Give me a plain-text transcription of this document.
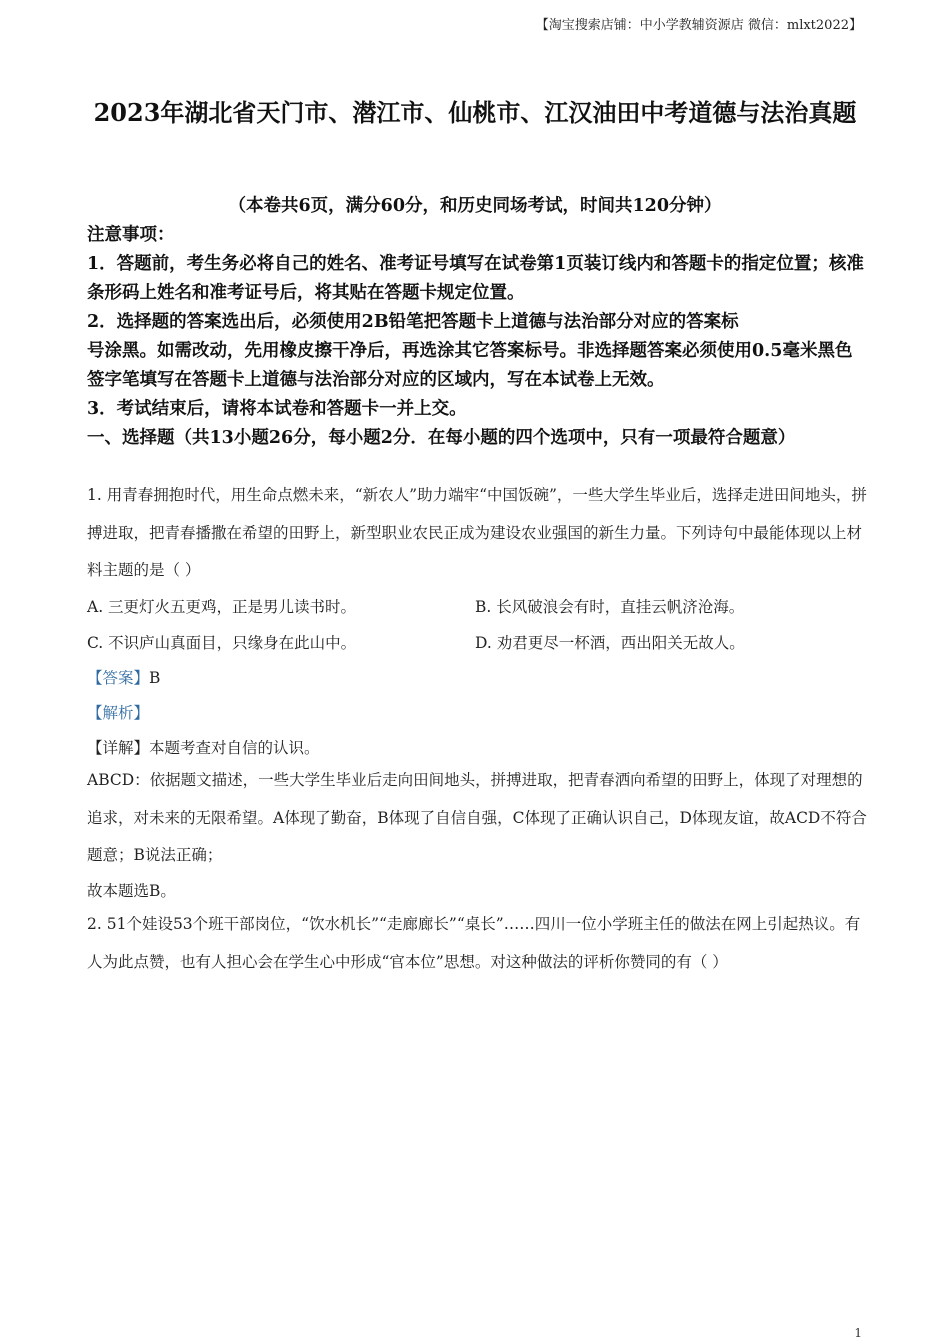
【淘宝搜索店铺：中小学教辅资源店 微信：mlxt2022】
2023年湖北省天门市、潜江市、仙桃市、江汉油田中考道德与法治真题
（本卷共6页，满分60分，和历史同场考试，时间共120分钟）
注意事项：
1．答题前，考生务必将自己的姓名、准考证号填写在试卷第1页装订线内和答题卡的指定位置；核准条形码上姓名和准考证号后，将其贴在答题卡规定位置。
2．选择题的答案选出后，必须使用2B铅笔把答题卡上道德与法治部分对应的答案标
号涂黑。如需改动，先用橡皮擦干净后，再选涂其它答案标号。非选择题答案必须使用0.5毫米黑色签字笔填写在答题卡上道德与法治部分对应的区域内，写在本试卷上无效。
3．考试结束后，请将本试卷和答题卡一并上交。
一、选择题（共13小题26分，每小题2分．在每小题的四个选项中，只有一项最符合题意）
1. 用青春拥抱时代，用生命点燃未来，“新农人”助力端牢“中国饭碗”，一些大学生毕业后，选择走进田间地头，拼搏进取，把青春播撒在希望的田野上，新型职业农民正成为建设农业强国的新生力量。下列诗句中最能体现以上材料主题的是（ ）
A. 三更灯火五更鸡，正是男儿读书时。	B. 长风破浪会有时，直挂云帆济沧海。
C. 不识庐山真面目，只缘身在此山中。	D. 劝君更尽一杯酒，西出阳关无故人。
【答案】B
【解析】
【详解】本题考查对自信的认识。
ABCD：依据题文描述，一些大学生毕业后走向田间地头，拼搏进取，把青春洒向希望的田野上，体现了对理想的追求，对未来的无限希望。A体现了勤奋，B体现了自信自强，C体现了正确认识自己，D体现友谊，故ACD不符合题意；B说法正确；
故本题选B。
2. 51个娃设53个班干部岗位，“饮水机长”“走廊廊长”“桌长”……四川一位小学班主任的做法在网上引起热议。有人为此点赞，也有人担心会在学生心中形成“官本位”思想。对这种做法的评析你赞同的有（ ）
1
